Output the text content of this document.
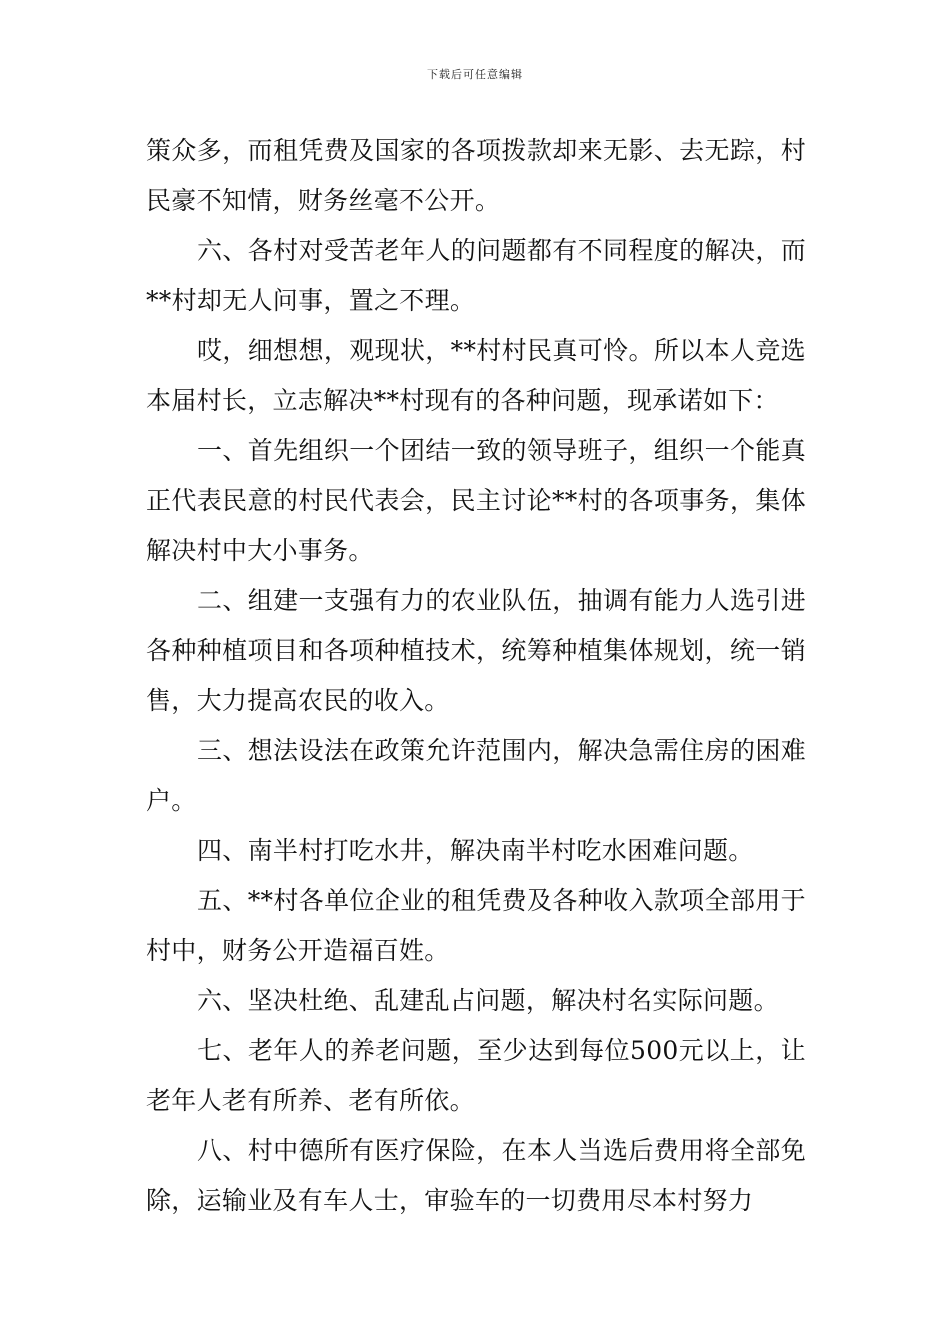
下载后可任意编辑

策众多，而租凭费及国家的各项拨款却来无影、去无踪，村民豪不知情，财务丝毫不公开。

六、各村对受苦老年人的问题都有不同程度的解决，而**村却无人问事，置之不理。

哎，细想想，观现状，**村村民真可怜。所以本人竞选本届村长，立志解决**村现有的各种问题，现承诺如下：

一、首先组织一个团结一致的领导班子，组织一个能真正代表民意的村民代表会，民主讨论**村的各项事务，集体解决村中大小事务。

二、组建一支强有力的农业队伍，抽调有能力人选引进各种种植项目和各项种植技术，统筹种植集体规划，统一销售，大力提高农民的收入。

三、想法设法在政策允许范围内，解决急需住房的困难户。

四、南半村打吃水井，解决南半村吃水困难问题。

五、**村各单位企业的租凭费及各种收入款项全部用于村中，财务公开造福百姓。

六、坚决杜绝、乱建乱占问题，解决村名实际问题。

七、老年人的养老问题，至少达到每位500元以上，让老年人老有所养、老有所依。

八、村中德所有医疗保险，在本人当选后费用将全部免除，运输业及有车人士，审验车的一切费用尽本村努力
